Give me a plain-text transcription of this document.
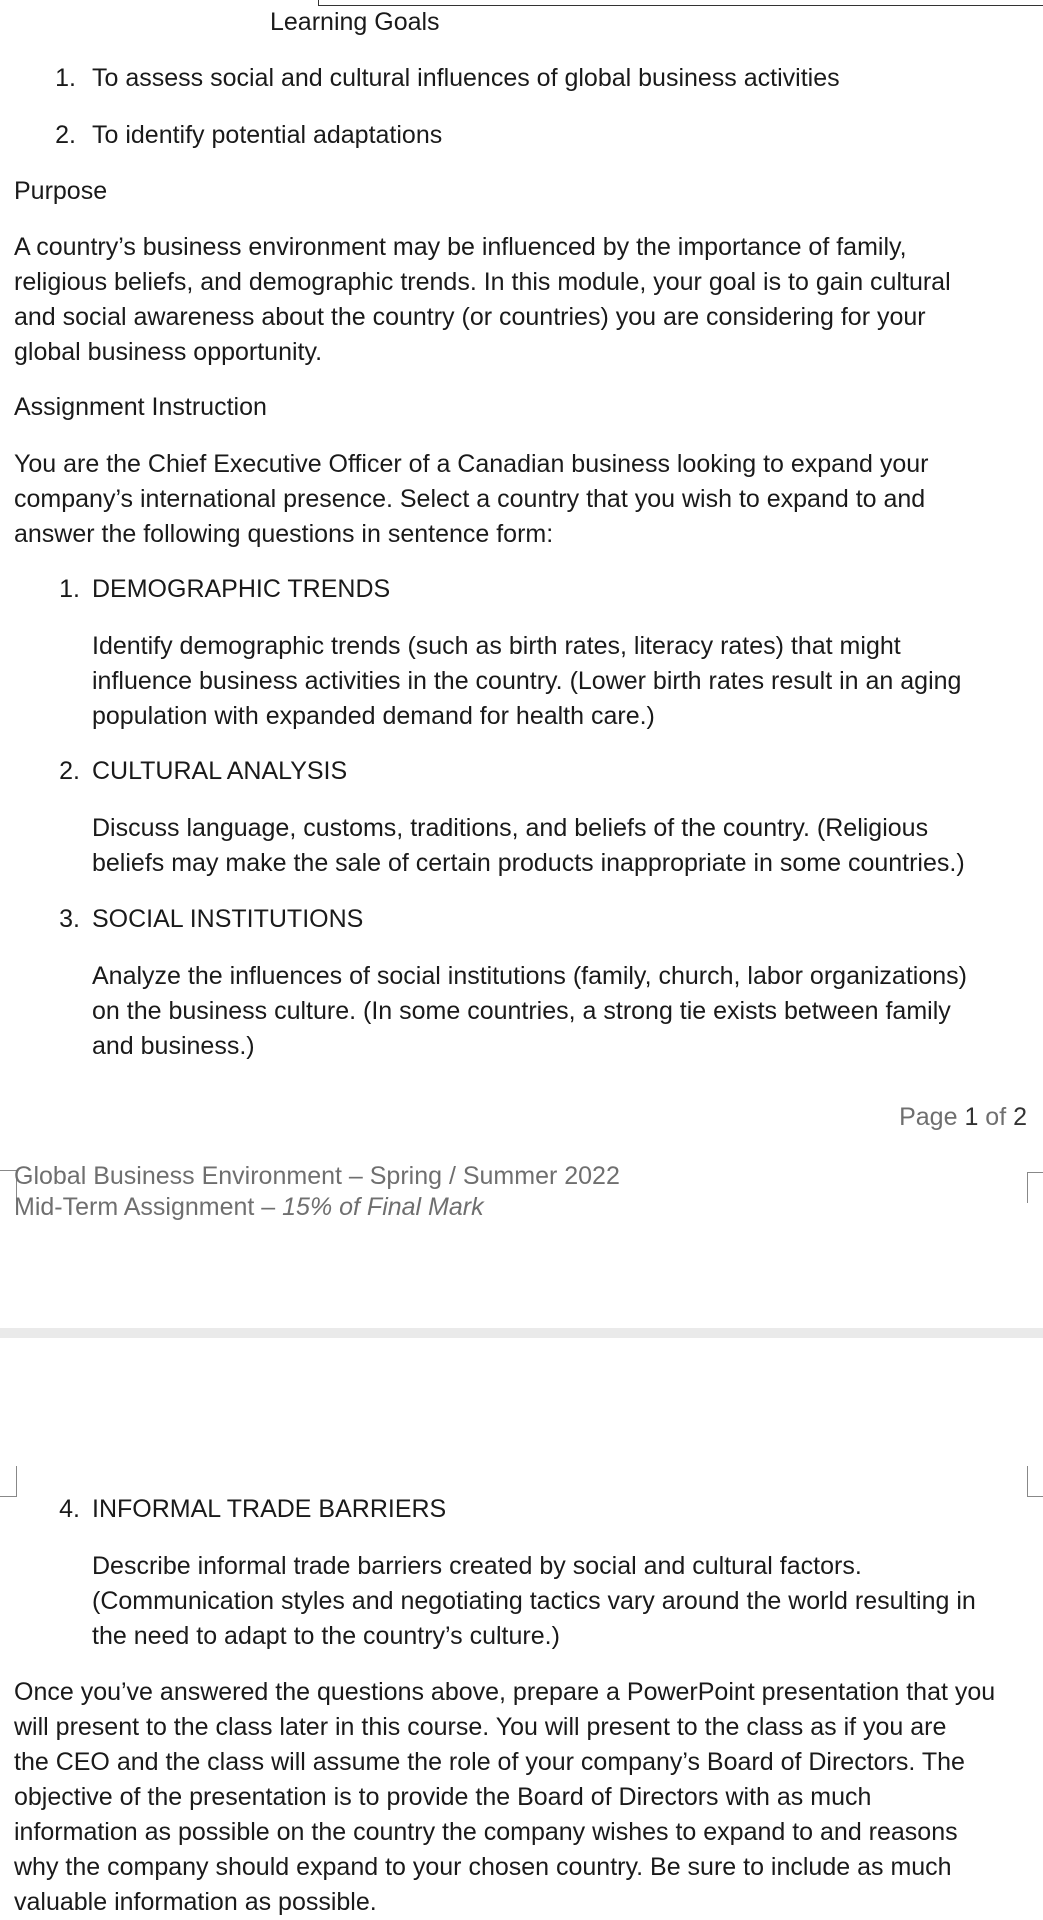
Learning Goals

1. To assess social and cultural influences of global business activities
2. To identify potential adaptations

Purpose

A country’s business environment may be influenced by the importance of family,
religious beliefs, and demographic trends. In this module, your goal is to gain cultural
and social awareness about the country (or countries) you are considering for your
global business opportunity.

Assignment Instruction

You are the Chief Executive Officer of a Canadian business looking to expand your
company’s international presence. Select a country that you wish to expand to and
answer the following questions in sentence form:
1. DEMOGRAPHIC TRENDS
Identify demographic trends (such as birth rates, literacy rates) that might
influence business activities in the country. (Lower birth rates result in an aging
population with expanded demand for health care.)
2. CULTURAL ANALYSIS
Discuss language, customs, traditions, and beliefs of the country. (Religious
beliefs may make the sale of certain products inappropriate in some countries.)
3. SOCIAL INSTITUTIONS
Analyze the influences of social institutions (family, church, labor organizations)
on the business culture. (In some countries, a strong tie exists between family
and business.)

Page 1 of 2

Global Business Environment – Spring / Summer 2022
Mid-Term Assignment – 15% of Final Mark
4. INFORMAL TRADE BARRIERS
Describe informal trade barriers created by social and cultural factors.
(Communication styles and negotiating tactics vary around the world resulting in
the need to adapt to the country’s culture.)
Once you’ve answered the questions above, prepare a PowerPoint presentation that you
will present to the class later in this course. You will present to the class as if you are
the CEO and the class will assume the role of your company’s Board of Directors. The
objective of the presentation is to provide the Board of Directors with as much
information as possible on the country the company wishes to expand to and reasons
why the company should expand to your chosen country. Be sure to include as much
valuable information as possible.
